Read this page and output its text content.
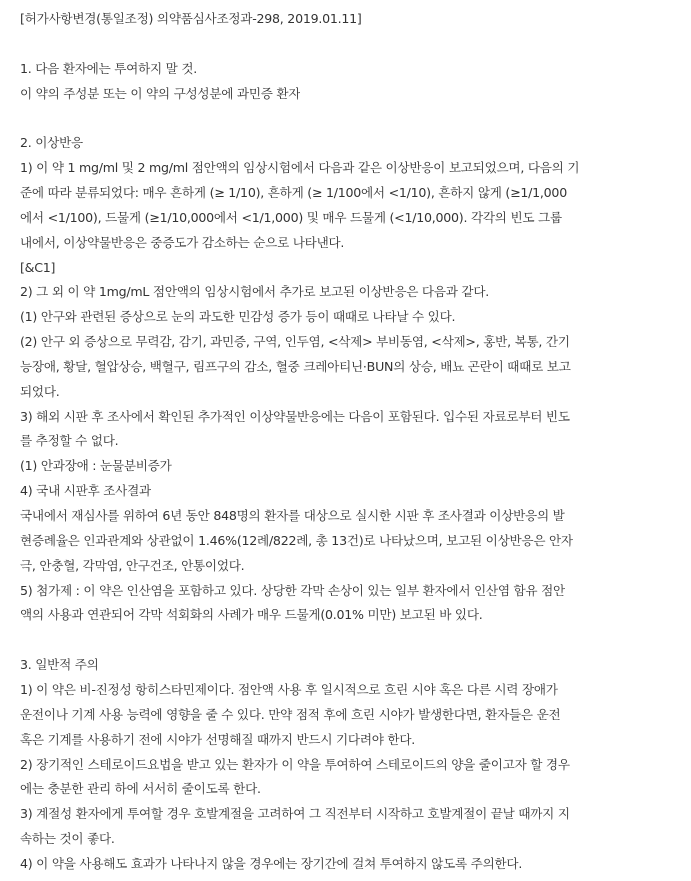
[허가사항변경(통일조정) 의약품심사조정과-298, 2019.01.11]
1. 다음 환자에는 투여하지 말 것.
이 약의 주성분 또는 이 약의 구성성분에 과민증 환자
2. 이상반응
1) 이 약 1 mg/ml 및 2 mg/ml 점안액의 임상시험에서 다음과 같은 이상반응이 보고되었으며, 다음의 기
준에 따라 분류되었다: 매우 흔하게 (≥ 1/10), 흔하게 (≥ 1/100에서 <1/10), 흔하지 않게 (≥1/1,000
에서 <1/100), 드물게 (≥1/10,000에서 <1/1,000) 및 매우 드물게 (<1/10,000). 각각의 빈도 그룹
내에서, 이상약물반응은 중증도가 감소하는 순으로 나타낸다.
[&C1]
2) 그 외 이 약 1mg/mL 점안액의 임상시험에서 추가로 보고된 이상반응은 다음과 같다.
(1) 안구와 관련된 증상으로 눈의 과도한 민감성 증가 등이 때때로 나타날 수 있다.
(2) 안구 외 증상으로 무력감, 감기, 과민증, 구역, 인두염, <삭제> 부비동염, <삭제>, 홍반, 복통, 간기
능장애, 황달, 혈압상승, 백혈구, 림프구의 감소, 혈중 크레아티닌·BUN의 상승, 배뇨 곤란이 때때로 보고
되었다.
3) 해외 시판 후 조사에서 확인된 추가적인 이상약물반응에는 다음이 포함된다. 입수된 자료로부터 빈도
를 추정할 수 없다.
(1) 안과장애 : 눈물분비증가
4) 국내 시판후 조사결과
국내에서 재심사를 위하여 6년 동안 848명의 환자를 대상으로 실시한 시판 후 조사결과 이상반응의 발
현증례율은 인과관계와 상관없이 1.46%(12례/822례, 총 13건)로 나타났으며, 보고된 이상반응은 안자
극, 안충혈, 각막염, 안구건조, 안통이었다.
5) 첨가제 : 이 약은 인산염을 포함하고 있다. 상당한 각막 손상이 있는 일부 환자에서 인산염 함유 점안
액의 사용과 연관되어 각막 석회화의 사례가 매우 드물게(0.01% 미만) 보고된 바 있다.
3. 일반적 주의
1) 이 약은 비-진정성 항히스타민제이다. 점안액 사용 후 일시적으로 흐린 시야 혹은 다른 시력 장애가
운전이나 기계 사용 능력에 영향을 줄 수 있다. 만약 점적 후에 흐린 시야가 발생한다면, 환자들은 운전
혹은 기계를 사용하기 전에 시야가 선명해질 때까지 반드시 기다려야 한다.
2) 장기적인 스테로이드요법을 받고 있는 환자가 이 약을 투여하여 스테로이드의 양을 줄이고자 할 경우
에는 충분한 관리 하에 서서히 줄이도록 한다.
3) 계절성 환자에게 투여할 경우 호발계절을 고려하여 그 직전부터 시작하고 호발계절이 끝날 때까지 지
속하는 것이 좋다.
4) 이 약을 사용해도 효과가 나타나지 않을 경우에는 장기간에 걸쳐 투여하지 않도록 주의한다.
